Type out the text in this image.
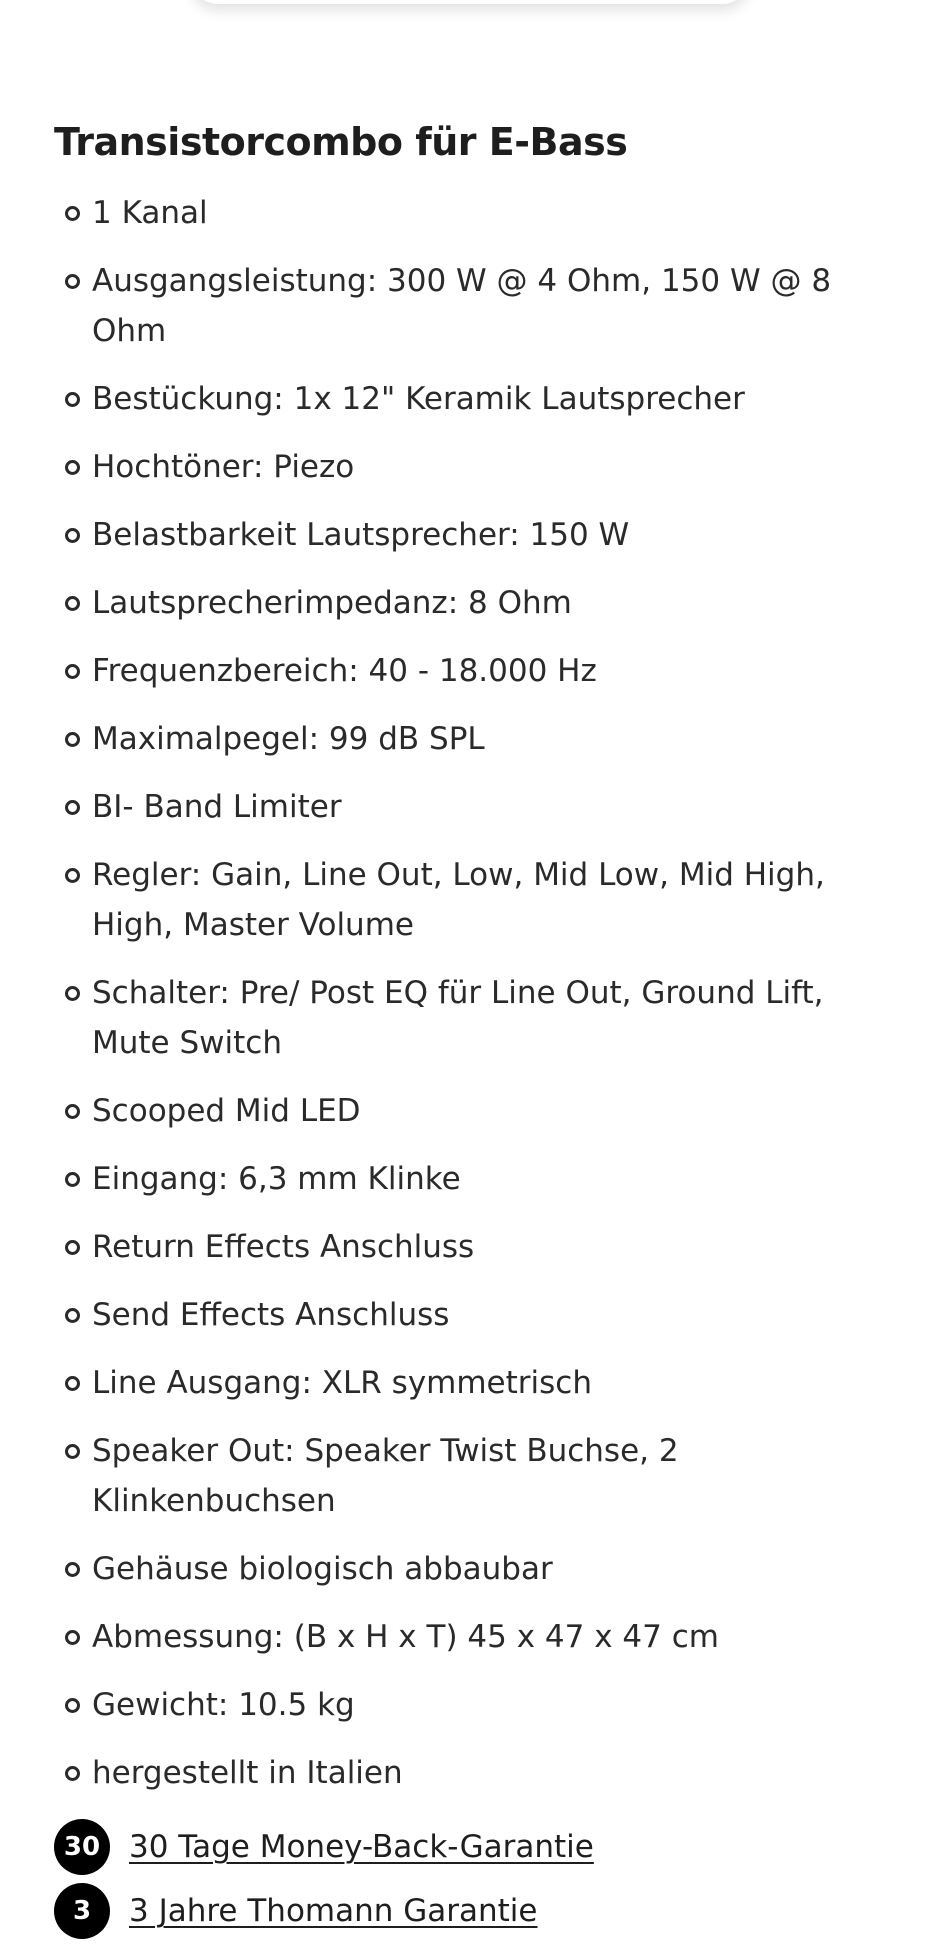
Transistorcombo für E-Bass
1 Kanal
Ausgangsleistung: 300 W @ 4 Ohm, 150 W @ 8 Ohm
Bestückung: 1x 12" Keramik Lautsprecher
Hochtöner: Piezo
Belastbarkeit Lautsprecher: 150 W
Lautsprecherimpedanz: 8 Ohm
Frequenzbereich: 40 - 18.000 Hz
Maximalpegel: 99 dB SPL
BI- Band Limiter
Regler: Gain, Line Out, Low, Mid Low, Mid High, High, Master Volume
Schalter: Pre/ Post EQ für Line Out, Ground Lift, Mute Switch
Scooped Mid LED
Eingang: 6,3 mm Klinke
Return Effects Anschluss
Send Effects Anschluss
Line Ausgang: XLR symmetrisch
Speaker Out: Speaker Twist Buchse, 2 Klinkenbuchsen
Gehäuse biologisch abbaubar
Abmessung: (B x H x T) 45 x 47 x 47 cm
Gewicht: 10.5 kg
hergestellt in Italien
30 30 Tage Money-Back-Garantie
3	3 Jahre Thomann Garantie
